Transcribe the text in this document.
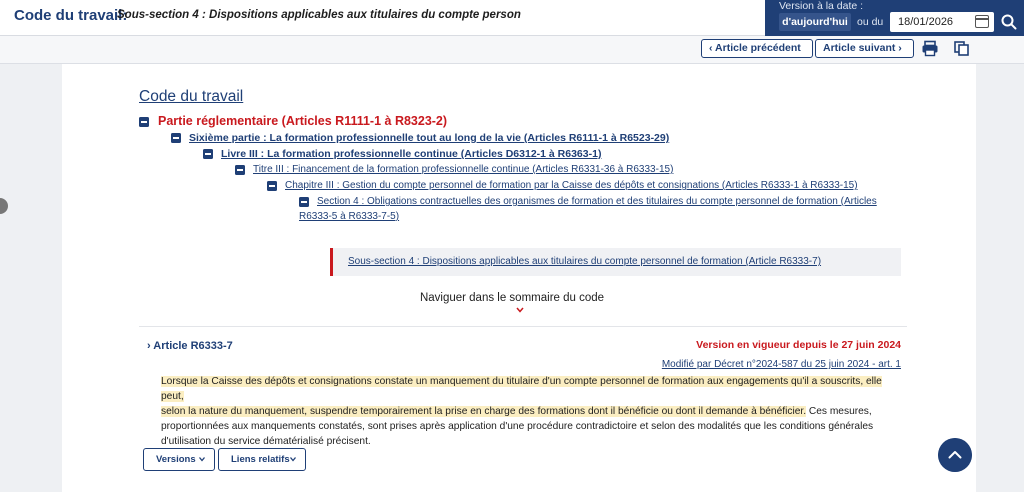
Code du travail:
Sous-section 4 : Dispositions applicables aux titulaires du compte person
Version à la date :
d'aujourd'hui ou du
18/01/2026
‹ Article précédent	Article suivant ›
Code du travail
Partie réglementaire (Articles R1111-1 à R8323-2)
Sixième partie : La formation professionnelle tout au long de la vie (Articles R6111-1 à R6523-29)
Livre III : La formation professionnelle continue (Articles D6312-1 à R6363-1)
Titre III : Financement de la formation professionnelle continue (Articles R6331-36 à R6333-15)
Chapitre III : Gestion du compte personnel de formation par la Caisse des dépôts et consignations (Articles R6333-1 à R6333-15)
Section 4 : Obligations contractuelles des organismes de formation et des titulaires du compte personnel de formation (Articles
R6333-5 à R6333-7-5)
Sous-section 4 : Dispositions applicables aux titulaires du compte personnel de formation (Article R6333-7)
Naviguer dans le sommaire du code
› Article R6333-7	Version en vigueur depuis le 27 juin 2024
Modifié par Décret n°2024-587 du 25 juin 2024 - art. 1
Lorsque la Caisse des dépôts et consignations constate un manquement du titulaire d'un compte personnel de formation aux engagements qu'il a souscrits, elle peut,
selon la nature du manquement, suspendre temporairement la prise en charge des formations dont il bénéficie ou dont il demande à bénéficier. Ces mesures, proportionnées aux manquements constatés, sont prises après application d'une procédure contradictoire et selon des modalités que les conditions générales d'utilisation du service dématérialisé précisent.
Versions	Liens relatifs
